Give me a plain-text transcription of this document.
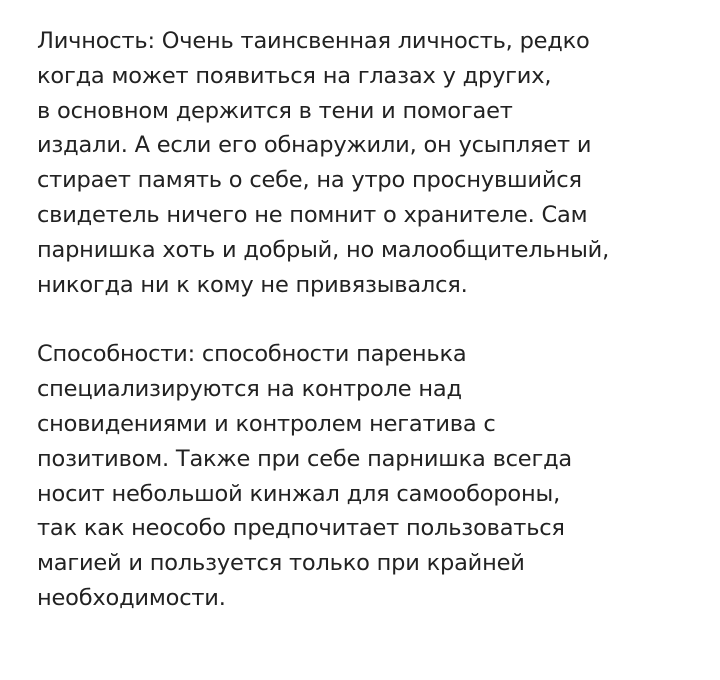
Личность: Очень таинсвенная личность, редко
когда может появиться на глазах у других,
в основном держится в тени и помогает
издали. А если его обнаружили, он усыпляет и
стирает память о себе, на утро проснувшийся
свидетель ничего не помнит о хранителе. Сам
парнишка хоть и добрый, но малообщительный,
никогда ни к кому не привязывался.
Способности: способности паренька
специализируются на контроле над
сновидениями и контролем негатива с
позитивом. Также при себе парнишка всегда
носит небольшой кинжал для самообороны,
так как неособо предпочитает пользоваться
магией и пользуется только при крайней
необходимости.
